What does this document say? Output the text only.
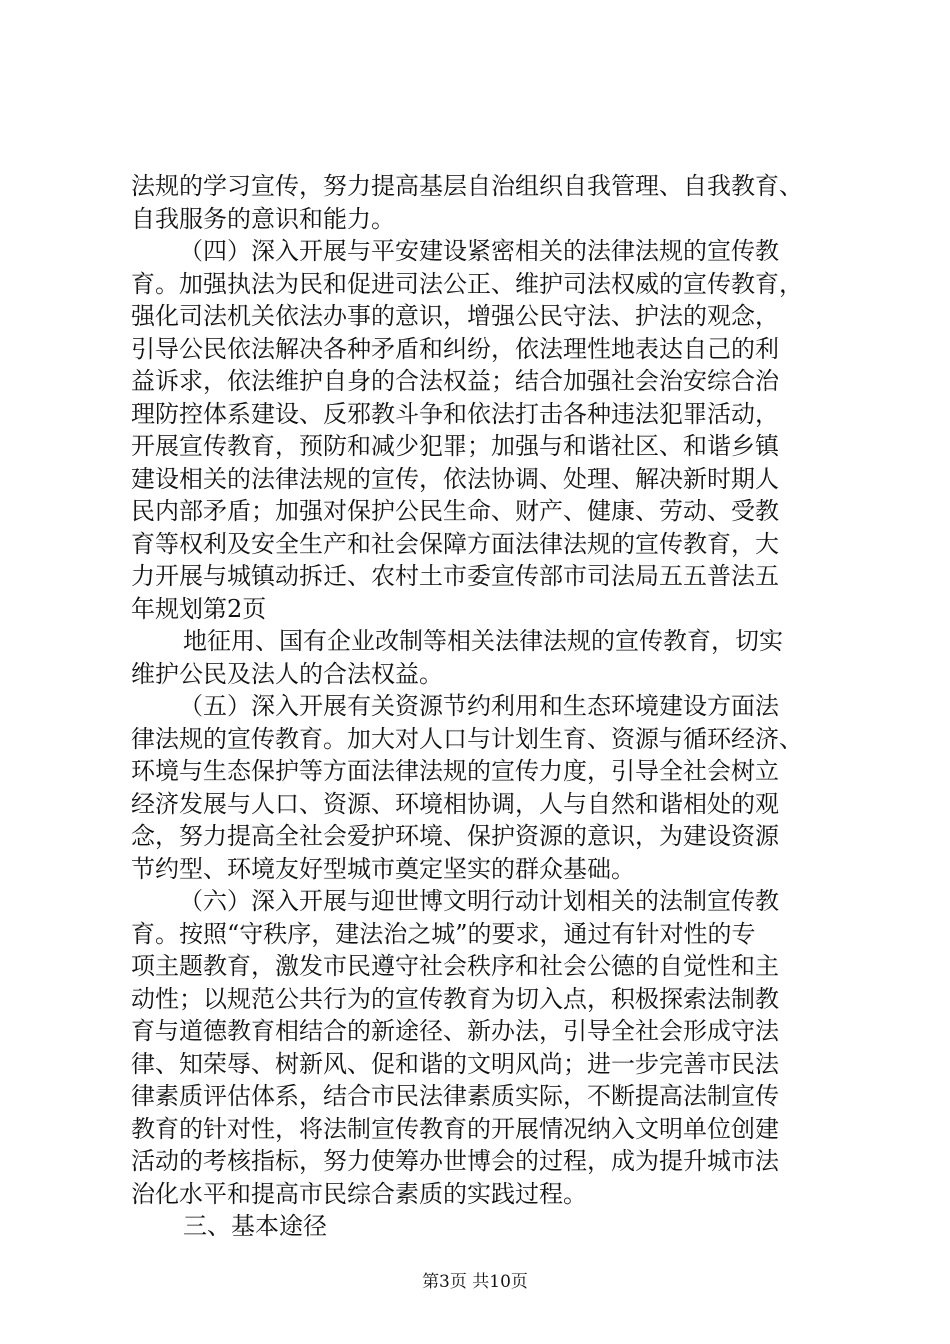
法规的学习宣传，努力提高基层自治组织自我管理、自我教育、
自我服务的意识和能力。
（四）深入开展与平安建设紧密相关的法律法规的宣传教
育。加强执法为民和促进司法公正、维护司法权威的宣传教育，
强化司法机关依法办事的意识，增强公民守法、护法的观念，
引导公民依法解决各种矛盾和纠纷，依法理性地表达自己的利
益诉求，依法维护自身的合法权益；结合加强社会治安综合治
理防控体系建设、反邪教斗争和依法打击各种违法犯罪活动，
开展宣传教育，预防和减少犯罪；加强与和谐社区、和谐乡镇
建设相关的法律法规的宣传，依法协调、处理、解决新时期人
民内部矛盾；加强对保护公民生命、财产、健康、劳动、受教
育等权利及安全生产和社会保障方面法律法规的宣传教育，大
力开展与城镇动拆迁、农村土市委宣传部市司法局五五普法五
年规划第2页
地征用、国有企业改制等相关法律法规的宣传教育，切实
维护公民及法人的合法权益。
（五）深入开展有关资源节约利用和生态环境建设方面法
律法规的宣传教育。加大对人口与计划生育、资源与循环经济、
环境与生态保护等方面法律法规的宣传力度，引导全社会树立
经济发展与人口、资源、环境相协调，人与自然和谐相处的观
念，努力提高全社会爱护环境、保护资源的意识，为建设资源
节约型、环境友好型城市奠定坚实的群众基础。
（六）深入开展与迎世博文明行动计划相关的法制宣传教
育。按照“守秩序，建法治之城”的要求，通过有针对性的专
项主题教育，激发市民遵守社会秩序和社会公德的自觉性和主
动性；以规范公共行为的宣传教育为切入点，积极探索法制教
育与道德教育相结合的新途径、新办法，引导全社会形成守法
律、知荣辱、树新风、促和谐的文明风尚；进一步完善市民法
律素质评估体系，结合市民法律素质实际，不断提高法制宣传
教育的针对性，将法制宣传教育的开展情况纳入文明单位创建
活动的考核指标，努力使筹办世博会的过程，成为提升城市法
治化水平和提高市民综合素质的实践过程。
三、基本途径
第3页 共10页
